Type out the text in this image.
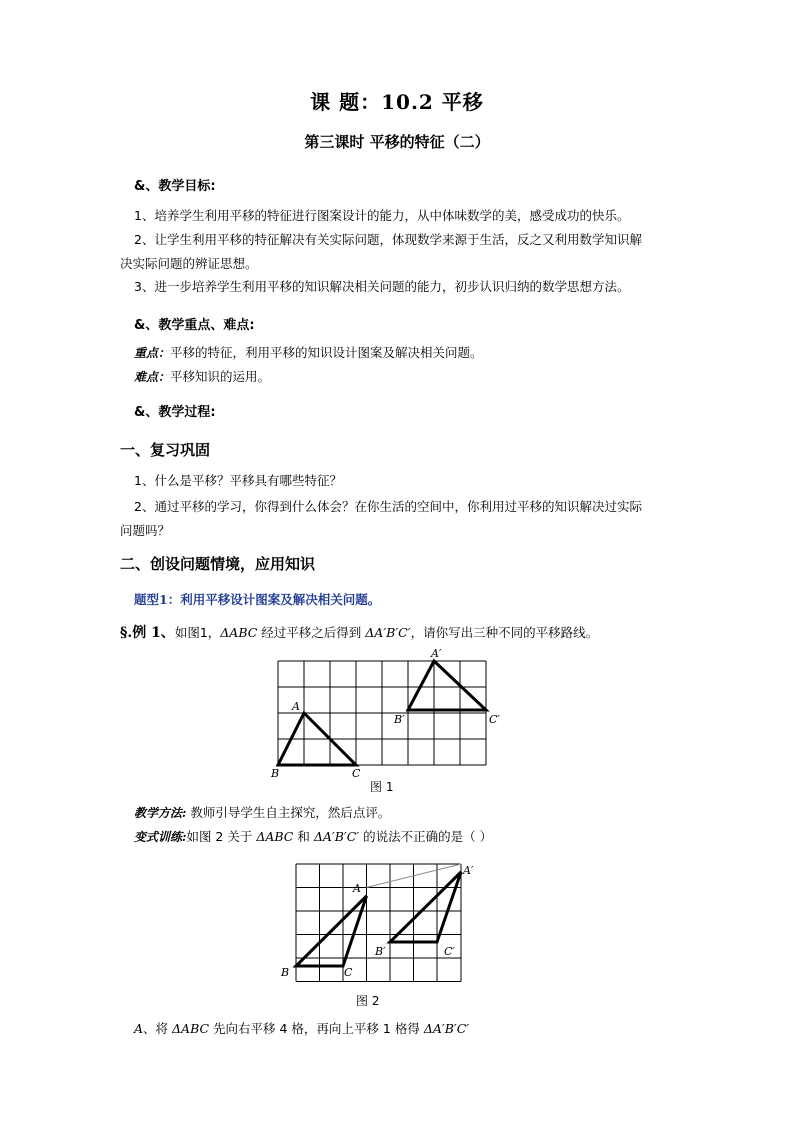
课 题：10.2 平移
第三课时 平移的特征（二）
&、教学目标:
1、培养学生利用平移的特征进行图案设计的能力，从中体味数学的美，感受成功的快乐。
2、让学生利用平移的特征解决有关实际问题，体现数学来源于生活，反之又利用数学知识解
决实际问题的辨证思想。
3、进一步培养学生利用平移的知识解决相关问题的能力，初步认识归纳的数学思想方法。
&、教学重点、难点:
重点：平移的特征，利用平移的知识设计图案及解决相关问题。
难点：平移知识的运用。
&、教学过程:
一、复习巩固
1、什么是平移？平移具有哪些特征？
2、通过平移的学习，你得到什么体会？在你生活的空间中，你利用过平移的知识解决过实际
问题吗？
二、创设问题情境，应用知识
题型1：利用平移设计图案及解决相关问题。
§.例 1、如图1，ΔABC 经过平移之后得到 ΔA′B′C′，请你写出三种不同的平移路线。
A
B	C
A′
B′	C′
图 1
教学方法: 教师引导学生自主探究，然后点评。
变式训练:如图 2 关于 ΔABC 和 ΔA′B′C′ 的说法不正确的是（ ）
A
B	C
A′
B′	C′
图 2
A、将 ΔABC 先向右平移 4 格，再向上平移 1 格得 ΔA′B′C′
